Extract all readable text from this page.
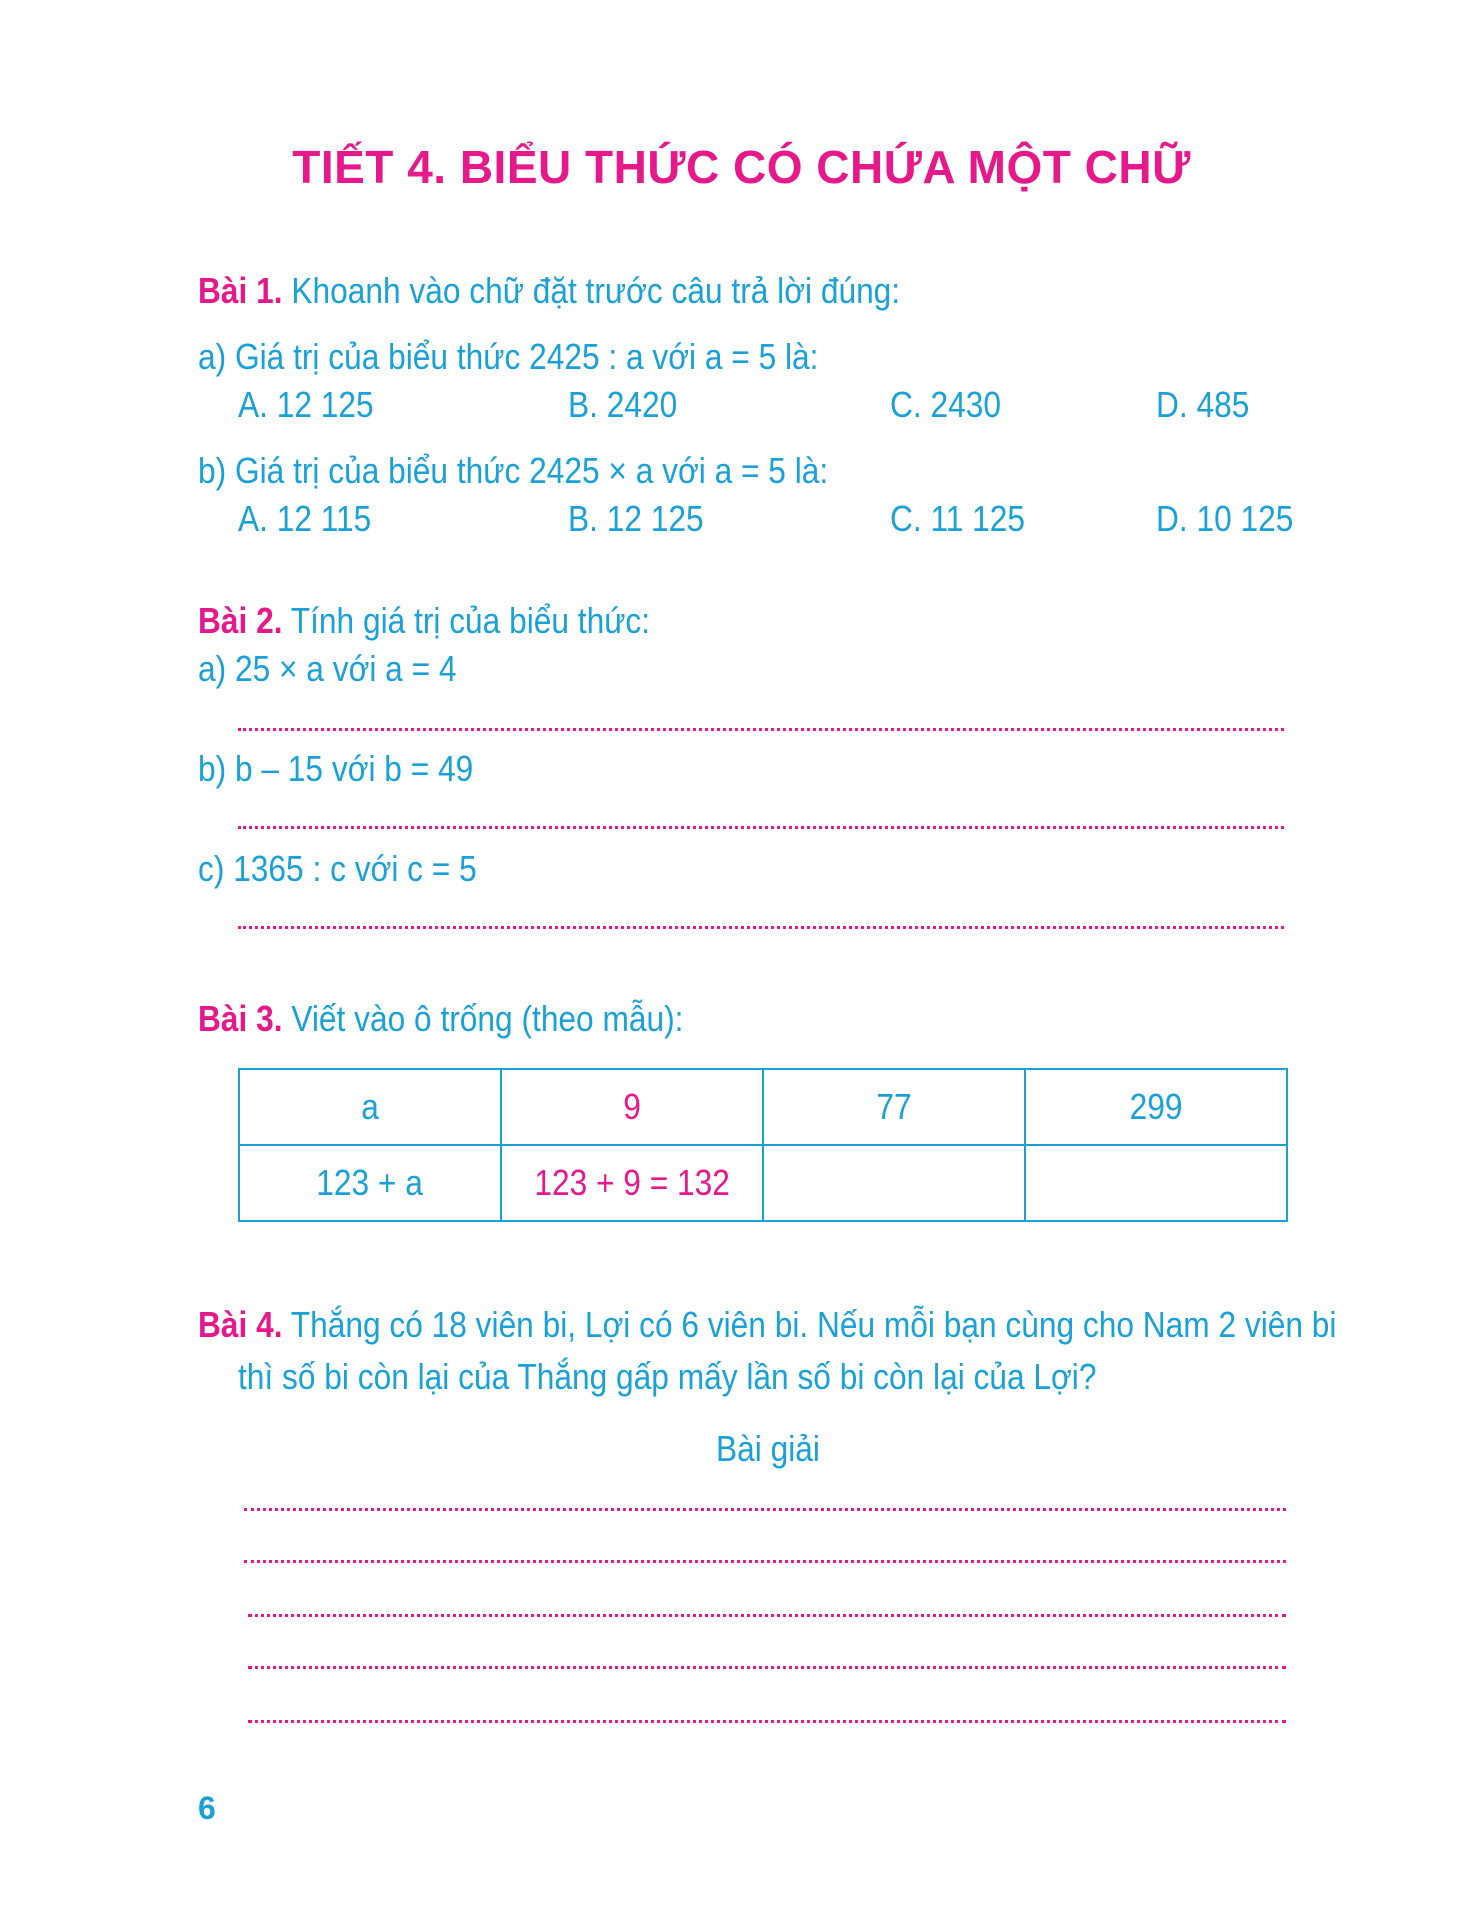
TIẾT 4. BIỂU THỨC CÓ CHỨA MỘT CHỮ
Bài 1. Khoanh vào chữ đặt trước câu trả lời đúng:
a) Giá trị của biểu thức 2425 : a với a = 5 là:
A. 12 125	B. 2420	C. 2430	D. 485
b) Giá trị của biểu thức 2425 × a với a = 5 là:
A. 12 115	B. 12 125	C. 11 125	D. 10 125
Bài 2. Tính giá trị của biểu thức:
a) 25 × a với a = 4
b) b – 15 với b = 49
c) 1365 : c với c = 5
Bài 3. Viết vào ô trống (theo mẫu):
a	9	77	299
123 + a	123 + 9 = 132		
Bài 4. Thắng có 18 viên bi, Lợi có 6 viên bi. Nếu mỗi bạn cùng cho Nam 2 viên bi
thì số bi còn lại của Thắng gấp mấy lần số bi còn lại của Lợi?
Bài giải
6
